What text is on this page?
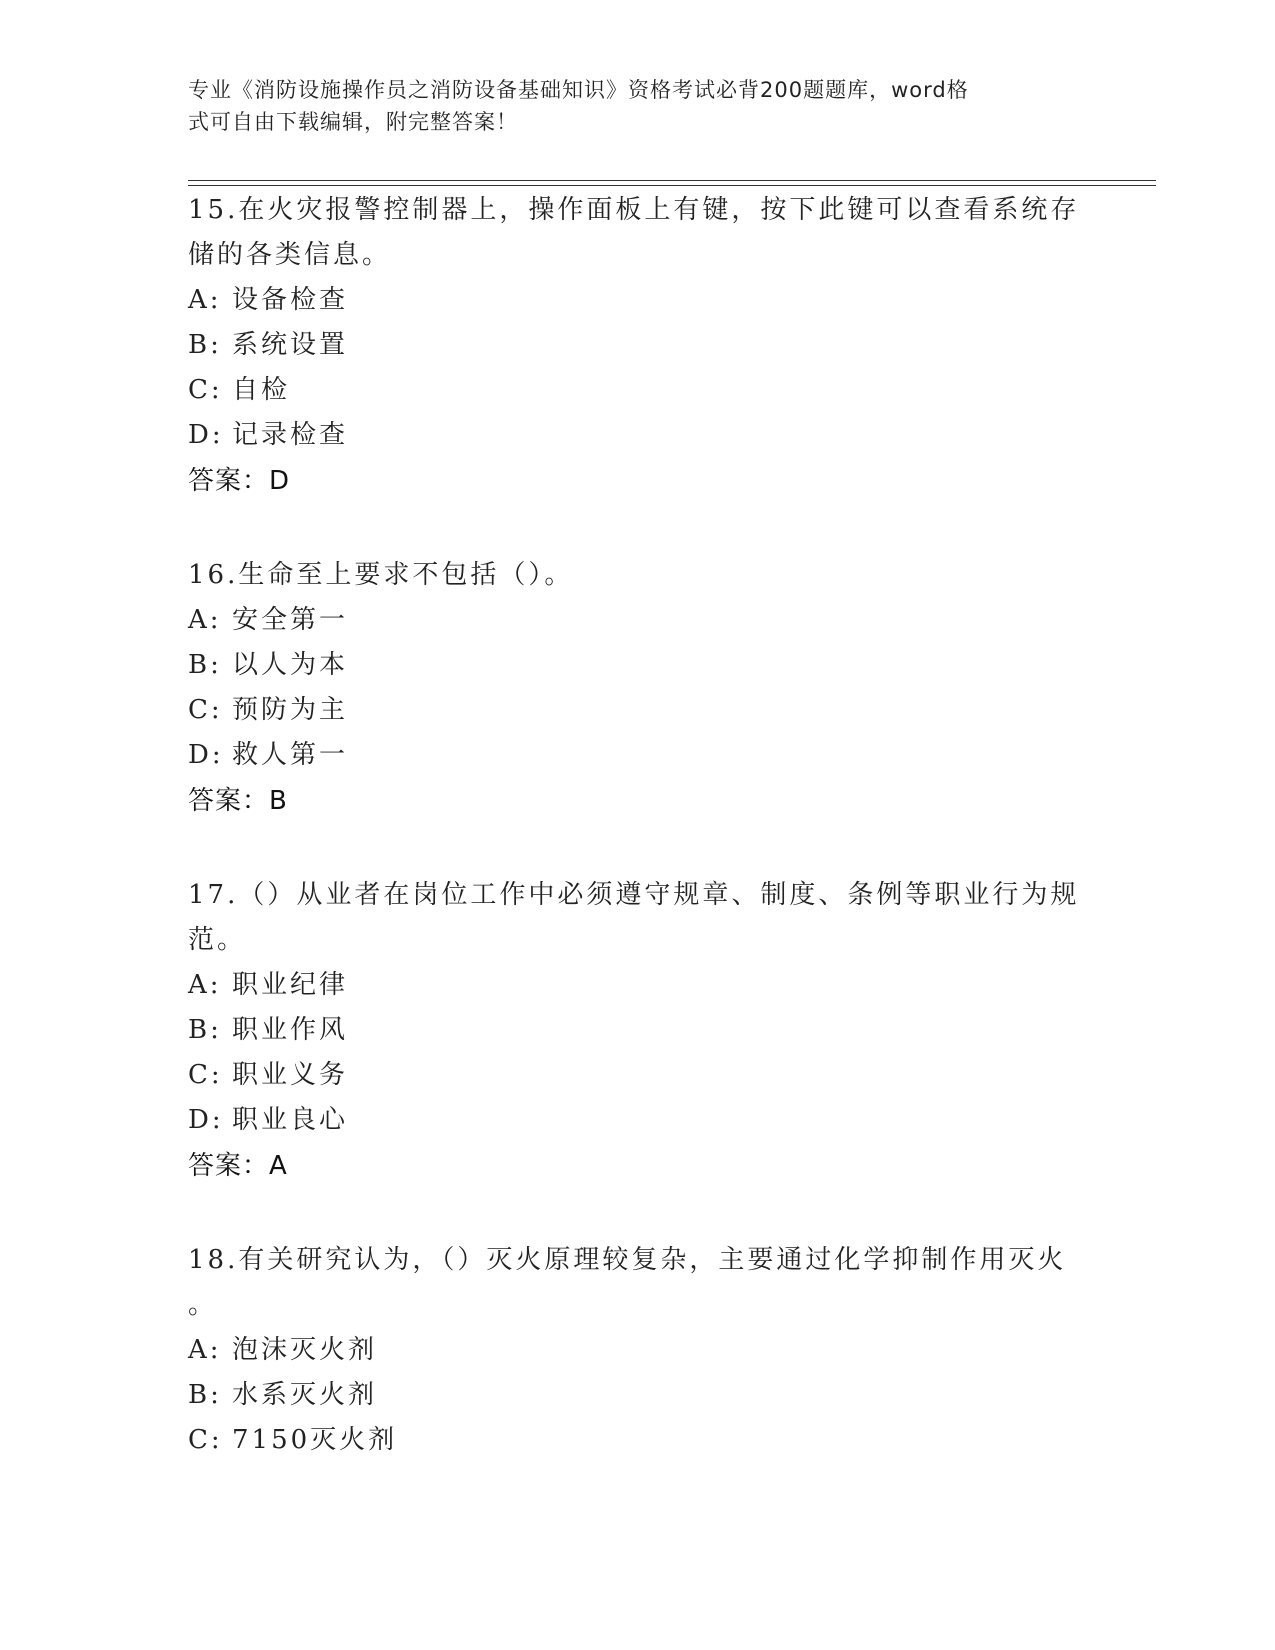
专业《消防设施操作员之消防设备基础知识》资格考试必背200题题库，word格
式可自由下载编辑，附完整答案！
15.在火灾报警控制器上，操作面板上有键，按下此键可以查看系统存
储的各类信息。
A: 设备检查
B: 系统设置
C: 自检
D: 记录检查
答案：D
16.生命至上要求不包括（）。
A: 安全第一
B: 以人为本
C: 预防为主
D: 救人第一
答案：B
17.（）从业者在岗位工作中必须遵守规章、制度、条例等职业行为规
范。
A: 职业纪律
B: 职业作风
C: 职业义务
D: 职业良心
答案：A
18.有关研究认为，（）灭火原理较复杂，主要通过化学抑制作用灭火
。
A: 泡沫灭火剂
B: 水系灭火剂
C: 7150灭火剂
